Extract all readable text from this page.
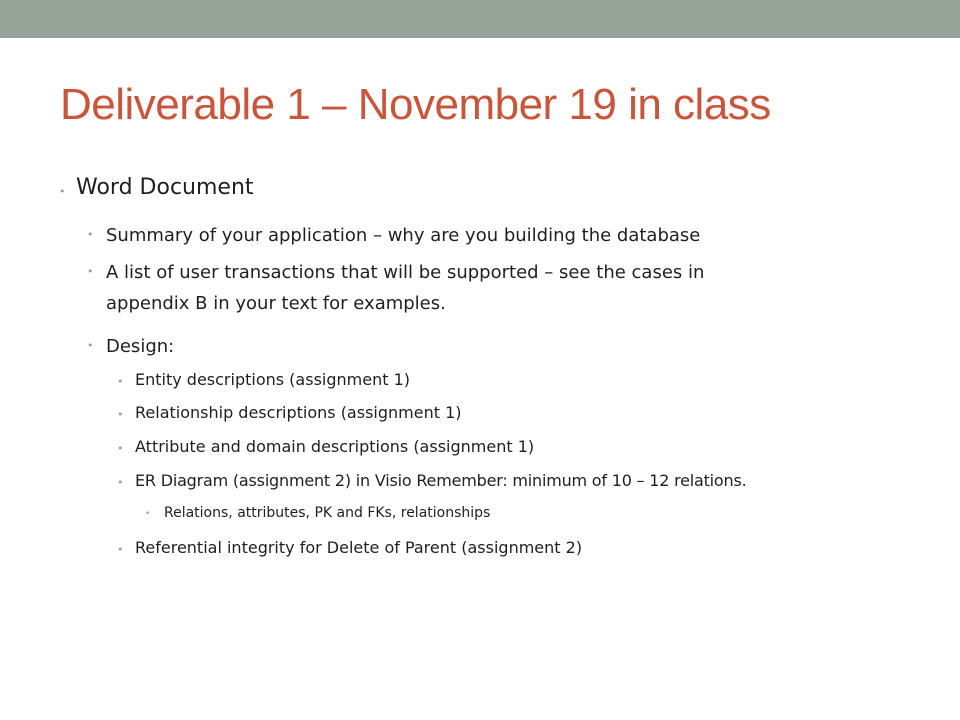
Deliverable 1 – November 19 in class
• Word Document
• Summary of your application – why are you building the database
• A list of user transactions that will be supported – see the cases in
appendix B in your text for examples.
• Design:
• Entity descriptions (assignment 1)
• Relationship descriptions (assignment 1)
• Attribute and domain descriptions (assignment 1)
• ER Diagram (assignment 2) in Visio Remember: minimum of 10 – 12 relations.
• Relations, attributes, PK and FKs, relationships
• Referential integrity for Delete of Parent (assignment 2)
